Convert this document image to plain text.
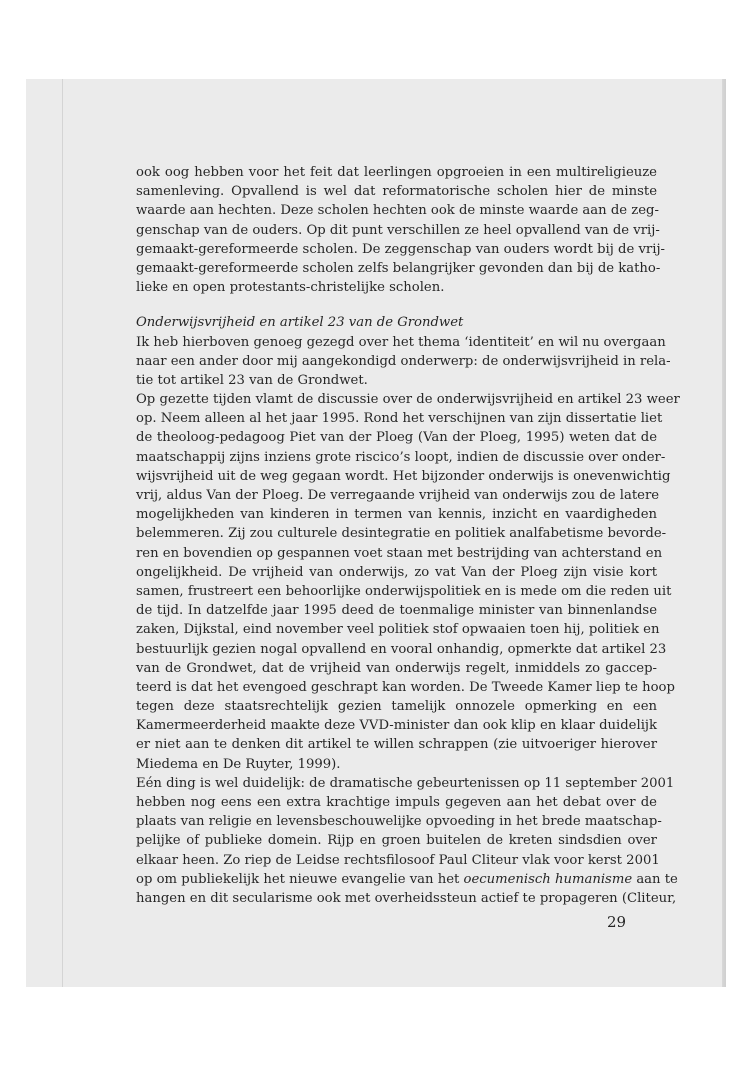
ook oog hebben voor het feit dat leerlingen opgroeien in een multireligieuze
samenleving. Opvallend is wel dat reformatorische scholen hier de minste
waarde aan hechten. Deze scholen hechten ook de minste waarde aan de zeg-
genschap van de ouders. Op dit punt verschillen ze heel opvallend van de vrij-
gemaakt-gereformeerde scholen. De zeggenschap van ouders wordt bij de vrij-
gemaakt-gereformeerde scholen zelfs belangrijker gevonden dan bij de katho-
lieke en open protestants-christelijke scholen.
Onderwijsvrijheid en artikel 23 van de Grondwet
Ik heb hierboven genoeg gezegd over het thema ‘identiteit’ en wil nu overgaan
naar een ander door mij aangekondigd onderwerp: de onderwijsvrijheid in rela-
tie tot artikel 23 van de Grondwet.
Op gezette tijden vlamt de discussie over de onderwijsvrijheid en artikel 23 weer
op. Neem alleen al het jaar 1995. Rond het verschijnen van zijn dissertatie liet
de theoloog-pedagoog Piet van der Ploeg (Van der Ploeg, 1995) weten dat de
maatschappij zijns inziens grote riscico’s loopt, indien de discussie over onder-
wijsvrijheid uit de weg gegaan wordt. Het bijzonder onderwijs is onevenwichtig
vrij, aldus Van der Ploeg. De verregaande vrijheid van onderwijs zou de latere
mogelijkheden van kinderen in termen van kennis, inzicht en vaardigheden
belemmeren. Zij zou culturele desintegratie en politiek analfabetisme bevorde-
ren en bovendien op gespannen voet staan met bestrijding van achterstand en
ongelijkheid. De vrijheid van onderwijs, zo vat Van der Ploeg zijn visie kort
samen, frustreert een behoorlijke onderwijspolitiek en is mede om die reden uit
de tijd. In datzelfde jaar 1995 deed de toenmalige minister van binnenlandse
zaken, Dijkstal, eind november veel politiek stof opwaaien toen hij, politiek en
bestuurlijk gezien nogal opvallend en vooral onhandig, opmerkte dat artikel 23
van de Grondwet, dat de vrijheid van onderwijs regelt, inmiddels zo gaccep-
teerd is dat het evengoed geschrapt kan worden. De Tweede Kamer liep te hoop
tegen deze staatsrechtelijk gezien tamelijk onnozele opmerking en een
Kamermeerderheid maakte deze VVD-minister dan ook klip en klaar duidelijk
er niet aan te denken dit artikel te willen schrappen (zie uitvoeriger hierover
Miedema en De Ruyter, 1999).
Eén ding is wel duidelijk: de dramatische gebeurtenissen op 11 september 2001
hebben nog eens een extra krachtige impuls gegeven aan het debat over de
plaats van religie en levensbeschouwelijke opvoeding in het brede maatschap-
pelijke of publieke domein. Rijp en groen buitelen de kreten sindsdien over
elkaar heen. Zo riep de Leidse rechtsfilosoof Paul Cliteur vlak voor kerst 2001
op om publiekelijk het nieuwe evangelie van het oecumenisch humanisme aan te
hangen en dit secularisme ook met overheidssteun actief te propageren (Cliteur,
29
